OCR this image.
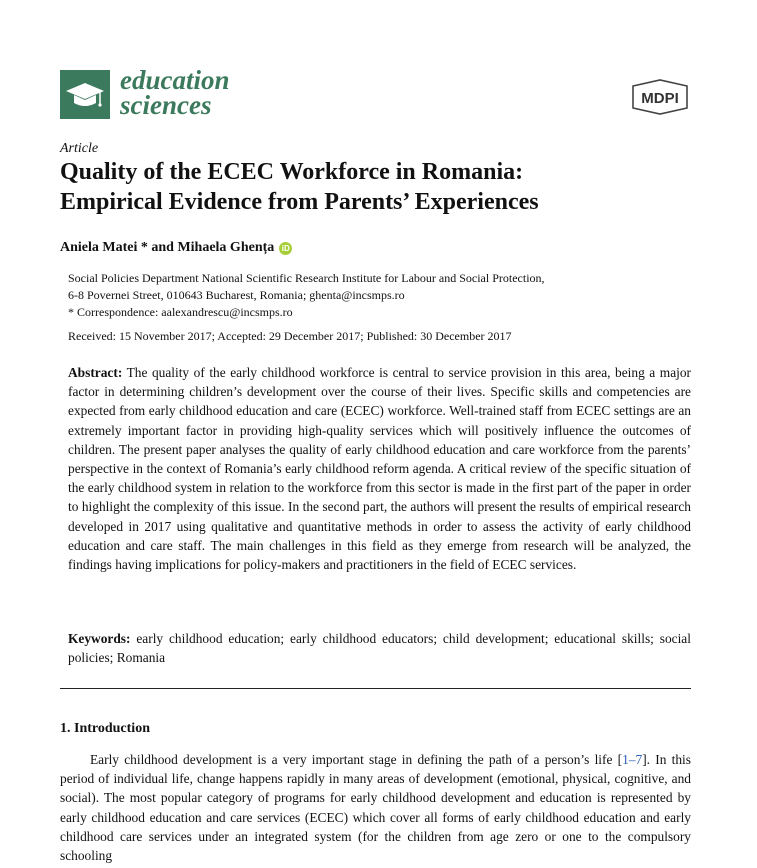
education
sciences	MDPI
Article
Quality of the ECEC Workforce in Romania:
Empirical Evidence from Parents’ Experiences
Aniela Matei * and Mihaela Ghența iD
Social Policies Department National Scientific Research Institute for Labour and Social Protection,
6-8 Povernei Street, 010643 Bucharest, Romania; ghenta@incsmps.ro
* Correspondence: aalexandrescu@incsmps.ro
Received: 15 November 2017; Accepted: 29 December 2017; Published: 30 December 2017

Abstract: The quality of the early childhood workforce is central to service provision in this area, being a major factor in determining children’s development over the course of their lives. Specific skills and competencies are expected from early childhood education and care (ECEC) workforce. Well-trained staff from ECEC settings are an extremely important factor in providing high-quality services which will positively influence the outcomes of children. The present paper analyses the quality of early childhood education and care workforce from the parents’ perspective in the context of Romania’s early childhood reform agenda. A critical review of the specific situation of the early childhood system in relation to the workforce from this sector is made in the first part of the paper in order to highlight the complexity of this issue. In the second part, the authors will present the results of empirical research developed in 2017 using qualitative and quantitative methods in order to assess the activity of early childhood education and care staff. The main challenges in this field as they emerge from research will be analyzed, the findings having implications for policy-makers and practitioners in the field of ECEC services.

Keywords: early childhood education; early childhood educators; child development; educational skills; social policies; Romania

1. Introduction

Early childhood development is a very important stage in defining the path of a person’s life [1–7]. In this period of individual life, change happens rapidly in many areas of development (emotional, physical, cognitive, and social). The most popular category of programs for early childhood development and education is represented by early childhood education and care services (ECEC) which cover all forms of early childhood education and early childhood care services under an integrated system (for the children from age zero or one to the compulsory schooling
